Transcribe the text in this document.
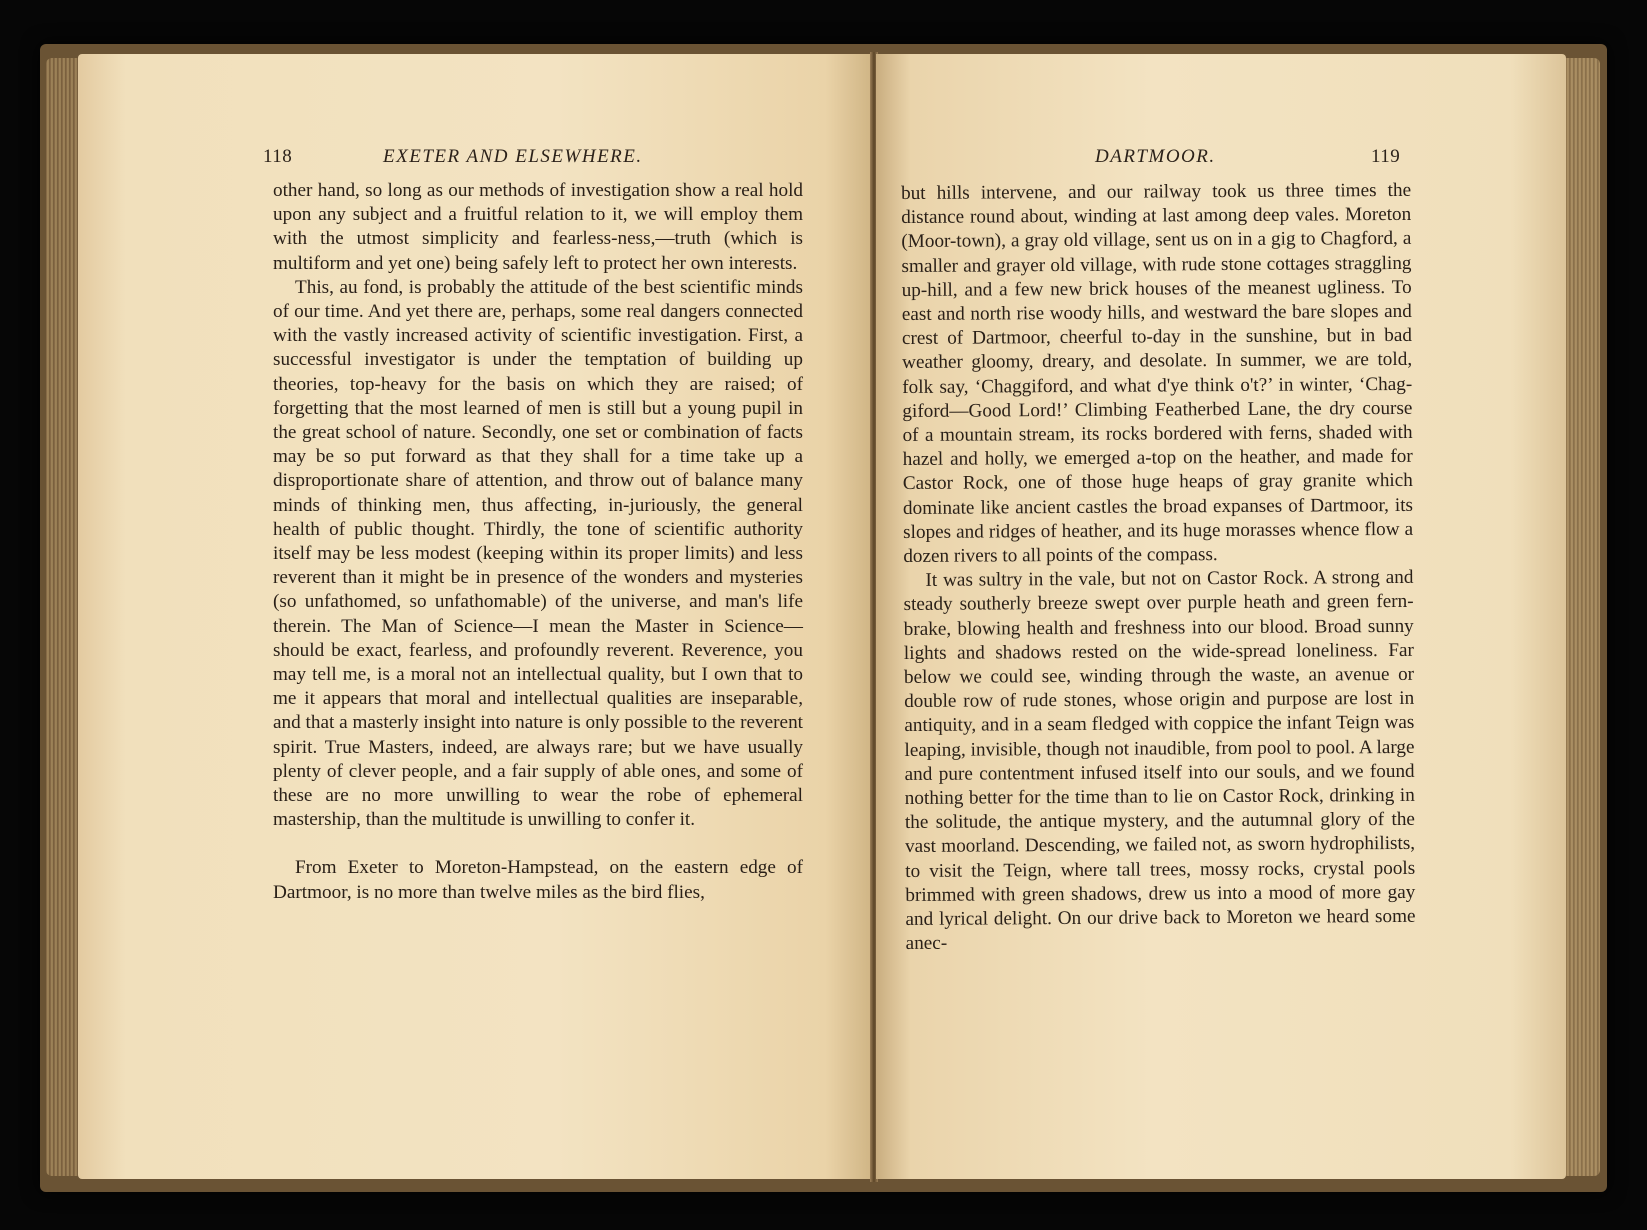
118	EXETER AND ELSEWHERE.

other hand, so long as our methods of investigation show a real hold upon any subject and a fruitful relation to it, we will employ them with the utmost simplicity and fearless-ness,—truth (which is multiform and yet one) being safely left to protect her own interests.

This, au fond, is probably the attitude of the best scientific minds of our time. And yet there are, perhaps, some real dangers connected with the vastly increased activity of scientific investigation. First, a successful investigator is under the temptation of building up theories, top-heavy for the basis on which they are raised; of forgetting that the most learned of men is still but a young pupil in the great school of nature. Secondly, one set or combination of facts may be so put forward as that they shall for a time take up a disproportionate share of attention, and throw out of balance many minds of thinking men, thus affecting, in-juriously, the general health of public thought. Thirdly, the tone of scientific authority itself may be less modest (keeping within its proper limits) and less reverent than it might be in presence of the wonders and mysteries (so unfathomed, so unfathomable) of the universe, and man's life therein. The Man of Science—I mean the Master in Science—should be exact, fearless, and profoundly reverent. Reverence, you may tell me, is a moral not an intellectual quality, but I own that to me it appears that moral and intellectual qualities are inseparable, and that a masterly insight into nature is only possible to the reverent spirit. True Masters, indeed, are always rare; but we have usually plenty of clever people, and a fair supply of able ones, and some of these are no more unwilling to wear the robe of ephemeral mastership, than the multitude is unwilling to confer it.

From Exeter to Moreton-Hampstead, on the eastern edge of Dartmoor, is no more than twelve miles as the bird flies,

DARTMOOR.	119

but hills intervene, and our railway took us three times the distance round about, winding at last among deep vales. Moreton (Moor-town), a gray old village, sent us on in a gig to Chagford, a smaller and grayer old village, with rude stone cottages straggling up-hill, and a few new brick houses of the meanest ugliness. To east and north rise woody hills, and westward the bare slopes and crest of Dartmoor, cheerful to-day in the sunshine, but in bad weather gloomy, dreary, and desolate. In summer, we are told, folk say, ‘Chaggiford, and what d'ye think o't?’ in winter, ‘Chag-giford—Good Lord!’ Climbing Featherbed Lane, the dry course of a mountain stream, its rocks bordered with ferns, shaded with hazel and holly, we emerged a-top on the heather, and made for Castor Rock, one of those huge heaps of gray granite which dominate like ancient castles the broad expanses of Dartmoor, its slopes and ridges of heather, and its huge morasses whence flow a dozen rivers to all points of the compass.

It was sultry in the vale, but not on Castor Rock. A strong and steady southerly breeze swept over purple heath and green fern-brake, blowing health and freshness into our blood. Broad sunny lights and shadows rested on the wide-spread loneliness. Far below we could see, winding through the waste, an avenue or double row of rude stones, whose origin and purpose are lost in antiquity, and in a seam fledged with coppice the infant Teign was leaping, invisible, though not inaudible, from pool to pool. A large and pure contentment infused itself into our souls, and we found nothing better for the time than to lie on Castor Rock, drinking in the solitude, the antique mystery, and the autumnal glory of the vast moorland. Descending, we failed not, as sworn hydrophilists, to visit the Teign, where tall trees, mossy rocks, crystal pools brimmed with green shadows, drew us into a mood of more gay and lyrical delight. On our drive back to Moreton we heard some anec-
